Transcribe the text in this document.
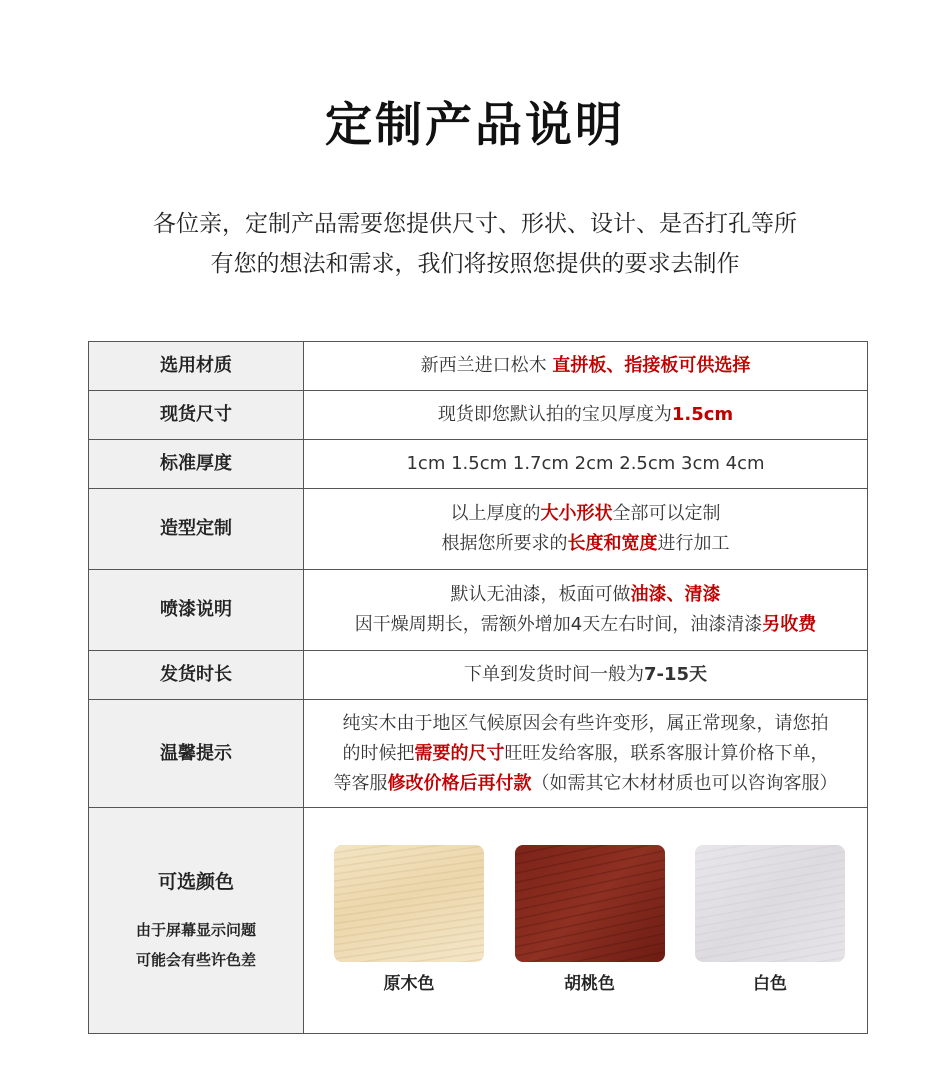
定制产品说明
各位亲，定制产品需要您提供尺寸、形状、设计、是否打孔等所
有您的想法和需求，我们将按照您提供的要求去制作
选用材质	新西兰进口松木 直拼板、指接板可供选择
现货尺寸	现货即您默认拍的宝贝厚度为1.5cm
标准厚度	1cm 1.5cm 1.7cm 2cm 2.5cm 3cm 4cm
造型定制	以上厚度的大小形状全部可以定制
根据您所要求的长度和宽度进行加工

喷漆说明	默认无油漆，板面可做油漆、清漆
因干燥周期长，需额外增加4天左右时间，油漆清漆另收费

发货时长	下单到发货时间一般为7-15天
温馨提示	纯实木由于地区气候原因会有些许变形，属正常现象，请您拍
的时候把需要的尺寸旺旺发给客服，联系客服计算价格下单，
等客服修改价格后再付款（如需其它木材材质也可以咨询客服）

可选颜色
由于屏幕显示问题
可能会有些许色差	原木色 胡桃色 白色
